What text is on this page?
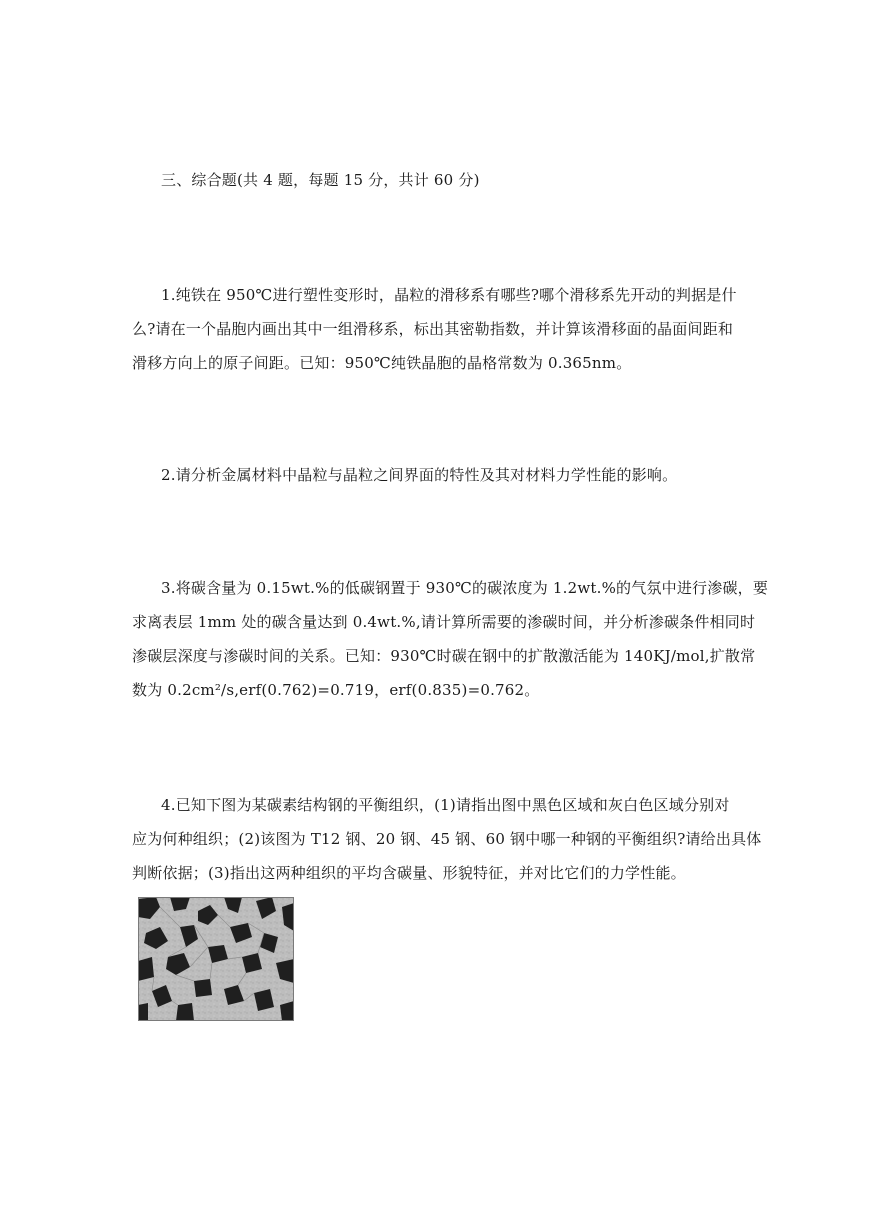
三、综合题(共 4 题，每题 15 分，共计 60 分)
1.纯铁在 950℃进行塑性变形时，晶粒的滑移系有哪些?哪个滑移系先开动的判据是什
么?请在一个晶胞内画出其中一组滑移系，标出其密勒指数，并计算该滑移面的晶面间距和
滑移方向上的原子间距。已知：950℃纯铁晶胞的晶格常数为 0.365nm。
2.请分析金属材料中晶粒与晶粒之间界面的特性及其对材料力学性能的影响。
3.将碳含量为 0.15wt.%的低碳钢置于 930℃的碳浓度为 1.2wt.%的气氛中进行渗碳，要
求离表层 1mm 处的碳含量达到 0.4wt.%,请计算所需要的渗碳时间，并分析渗碳条件相同时
渗碳层深度与渗碳时间的关系。已知：930℃时碳在钢中的扩散激活能为 140KJ/mol,扩散常
数为 0.2cm²/s,erf(0.762)=0.719，erf(0.835)=0.762。
4.已知下图为某碳素结构钢的平衡组织，(1)请指出图中黑色区域和灰白色区域分别对
应为何种组织；(2)该图为 T12 钢、20 钢、45 钢、60 钢中哪一种钢的平衡组织?请给出具体
判断依据；(3)指出这两种组织的平均含碳量、形貌特征，并对比它们的力学性能。
